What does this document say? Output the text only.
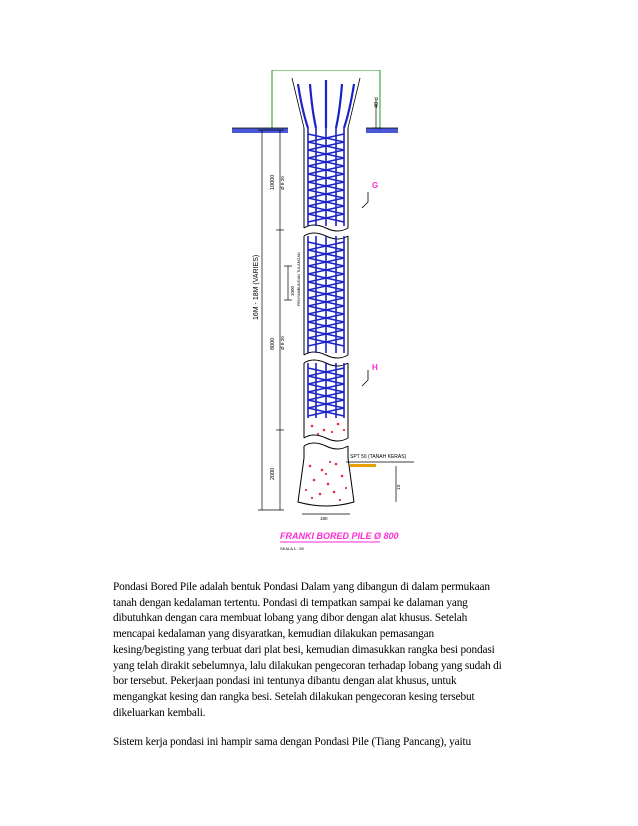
40 d
16M - 18M (VARIES)
10000 Ø 8-20
8000 Ø 8-20
1000 PENYAMBUNGAN TULANGAN
2000
G
H
SPT 50 (TANAH KERAS)
1S
180
FRANKI BORED PILE Ø 800
SKALA 1 : 50

Pondasi Bored Pile adalah bentuk Pondasi Dalam yang dibangun di dalam permukaan
tanah dengan kedalaman tertentu. Pondasi di tempatkan sampai ke dalaman yang
dibutuhkan dengan cara membuat lobang yang dibor dengan alat khusus. Setelah
mencapai kedalaman yang disyaratkan, kemudian dilakukan pemasangan
kesing/begisting yang terbuat dari plat besi, kemudian dimasukkan rangka besi pondasi
yang telah dirakit sebelumnya, lalu dilakukan pengecoran terhadap lobang yang sudah di
bor tersebut. Pekerjaan pondasi ini tentunya dibantu dengan alat khusus, untuk
mengangkat kesing dan rangka besi. Setelah dilakukan pengecoran kesing tersebut
dikeluarkan kembali.

Sistem kerja pondasi ini hampir sama dengan Pondasi Pile (Tiang Pancang), yaitu
